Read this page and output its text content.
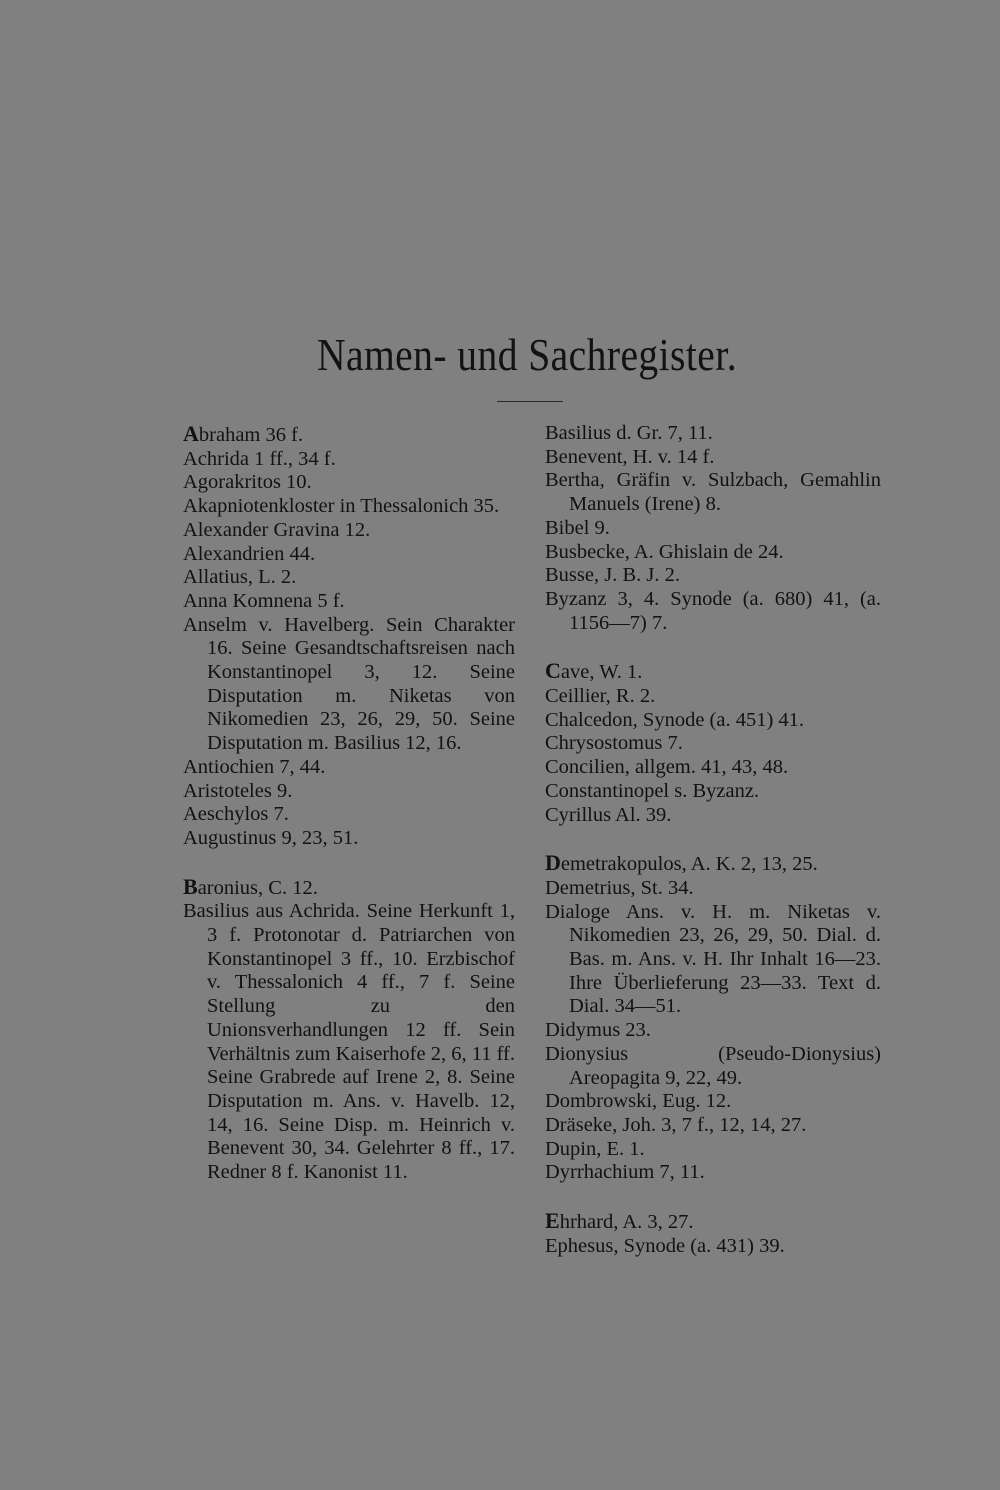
Namen- und Sachregister.
Abraham 36 f.
Achrida 1 ff., 34 f.
Agorakritos 10.
Akapniotenkloster in Thessalonich 35.
Alexander Gravina 12.
Alexandrien 44.
Allatius, L. 2.
Anna Komnena 5 f.
Anselm v. Havelberg. Sein Charakter 16. Seine Gesandtschaftsreisen nach Konstantinopel 3, 12. Seine Disputation m. Niketas von Nikomedien 23, 26, 29, 50. Seine Disputation m. Basilius 12, 16.
Antiochien 7, 44.
Aristoteles 9.
Aeschylos 7.
Augustinus 9, 23, 51.
Baronius, C. 12.
Basilius aus Achrida. Seine Herkunft 1, 3 f. Protonotar d. Patriarchen von Konstantinopel 3 ff., 10. Erzbischof v. Thessalonich 4 ff., 7 f. Seine Stellung zu den Unionsverhandlungen 12 ff. Sein Verhältnis zum Kaiserhofe 2, 6, 11 ff. Seine Grabrede auf Irene 2, 8. Seine Disputation m. Ans. v. Havelb. 12, 14, 16. Seine Disp. m. Heinrich v. Benevent 30, 34. Gelehrter 8 ff., 17. Redner 8 f. Kanonist 11.
Basilius d. Gr. 7, 11.
Benevent, H. v. 14 f.
Bertha, Gräfin v. Sulzbach, Gemahlin Manuels (Irene) 8.
Bibel 9.
Busbecke, A. Ghislain de 24.
Busse, J. B. J. 2.
Byzanz 3, 4. Synode (a. 680) 41, (a. 1156—7) 7.
Cave, W. 1.
Ceillier, R. 2.
Chalcedon, Synode (a. 451) 41.
Chrysostomus 7.
Concilien, allgem. 41, 43, 48.
Constantinopel s. Byzanz.
Cyrillus Al. 39.
Demetrakopulos, A. K. 2, 13, 25.
Demetrius, St. 34.
Dialoge Ans. v. H. m. Niketas v. Nikomedien 23, 26, 29, 50. Dial. d. Bas. m. Ans. v. H. Ihr Inhalt 16—23. Ihre Überlieferung 23—33. Text d. Dial. 34—51.
Didymus 23.
Dionysius (Pseudo-Dionysius) Areopagita 9, 22, 49.
Dombrowski, Eug. 12.
Dräseke, Joh. 3, 7 f., 12, 14, 27.
Dupin, E. 1.
Dyrrhachium 7, 11.
Ehrhard, A. 3, 27.
Ephesus, Synode (a. 431) 39.
